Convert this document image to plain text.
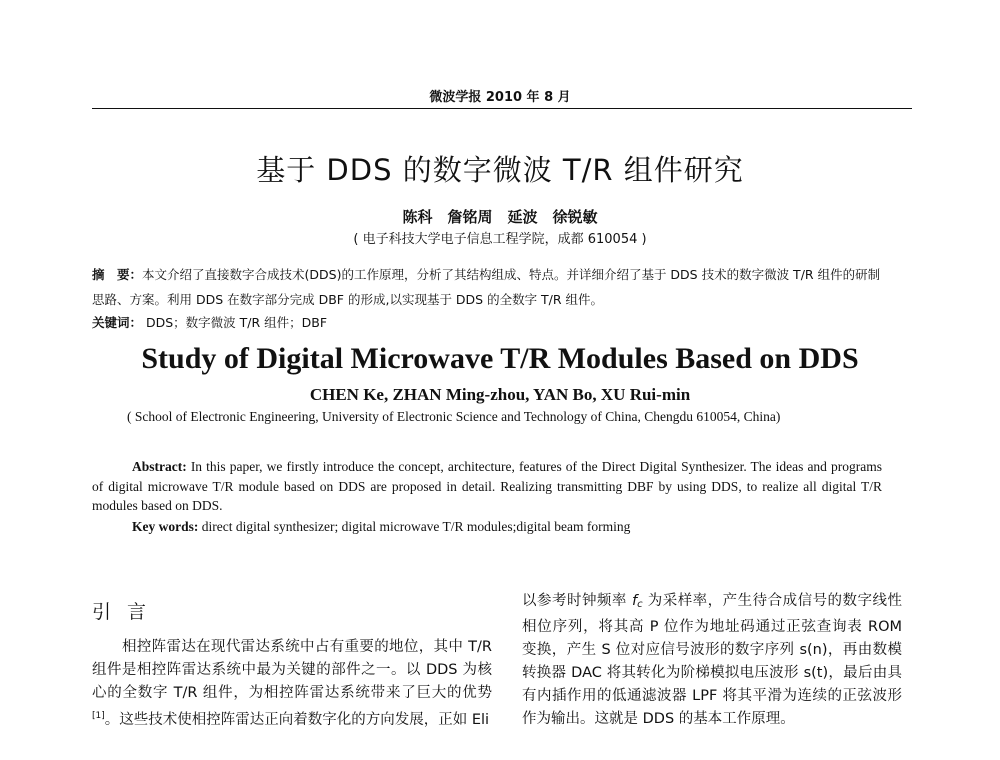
微波学报 2010 年 8 月
基于 DDS 的数字微波 T/R 组件研究
陈科　詹铭周　延波　徐锐敏
( 电子科技大学电子信息工程学院，成都 610054 )
摘　要：本文介绍了直接数字合成技术(DDS)的工作原理，分析了其结构组成、特点。并详细介绍了基于 DDS 技术的数字微波 T/R 组件的研制思路、方案。利用 DDS 在数字部分完成 DBF 的形成,以实现基于 DDS 的全数字 T/R 组件。
关键词： DDS；数字微波 T/R 组件；DBF
Study of Digital Microwave T/R Modules Based on DDS
CHEN Ke, ZHAN Ming-zhou, YAN Bo, XU Rui-min
( School of Electronic Engineering, University of Electronic Science and Technology of China, Chengdu 610054, China)
Abstract: In this paper, we firstly introduce the concept, architecture, features of the Direct Digital Synthesizer. The ideas and programs of digital microwave T/R module based on DDS are proposed in detail. Realizing transmitting DBF by using DDS, to realize all digital T/R modules based on DDS.
Key words: direct digital synthesizer; digital microwave T/R modules;digital beam forming
引言

相控阵雷达在现代雷达系统中占有重要的地位，其中 T/R 组件是相控阵雷达系统中最为关键的部件之一。以 DDS 为核心的全数字 T/R 组件，为相控阵雷达系统带来了巨大的优势[1]。这些技术使相控阵雷达正向着数字化的方向发展，正如 Eli

以参考时钟频率 fc 为采样率，产生待合成信号的数字线性相位序列，将其高 P 位作为地址码通过正弦查询表 ROM 变换，产生 S 位对应信号波形的数字序列 s(n)，再由数模转换器 DAC 将其转化为阶梯模拟电压波形 s(t)，最后由具有内插作用的低通滤波器 LPF 将其平滑为连续的正弦波形作为输出。这就是 DDS 的基本工作原理。
